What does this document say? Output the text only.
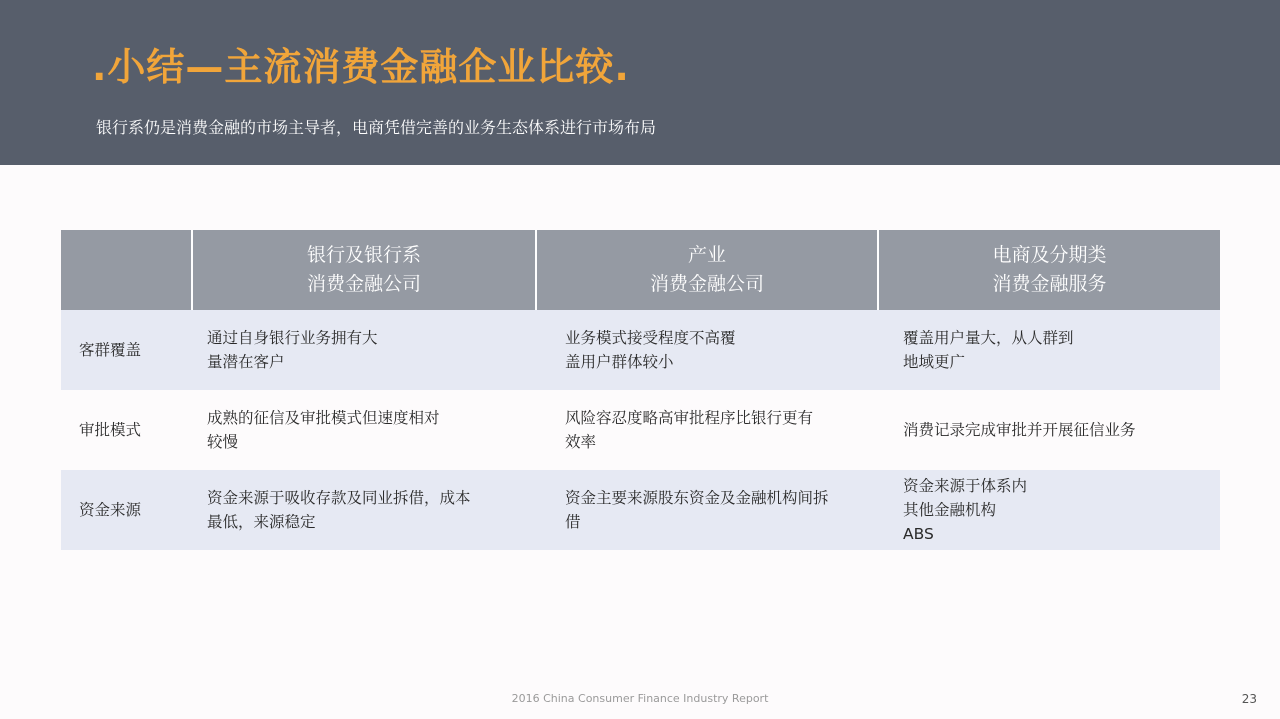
.小结—主流消费金融企业比较.
银行系仍是消费金融的市场主导者，电商凭借完善的业务生态体系进行市场布局
银行及银行系
消费金融公司
产业
消费金融公司
电商及分期类
消费金融服务
客群覆盖
通过自身银行业务拥有大
量潜在客户
业务模式接受程度不高覆
盖用户群体较小
覆盖用户量大，从人群到
地域更广
审批模式
成熟的征信及审批模式但速度相对
较慢
风险容忍度略高审批程序比银行更有
效率
消费记录完成审批并开展征信业务
资金来源
资金来源于吸收存款及同业拆借，成本
最低，来源稳定
资金主要来源股东资金及金融机构间拆
借
资金来源于体系内
其他金融机构
ABS
2016 China Consumer Finance Industry Report	23
